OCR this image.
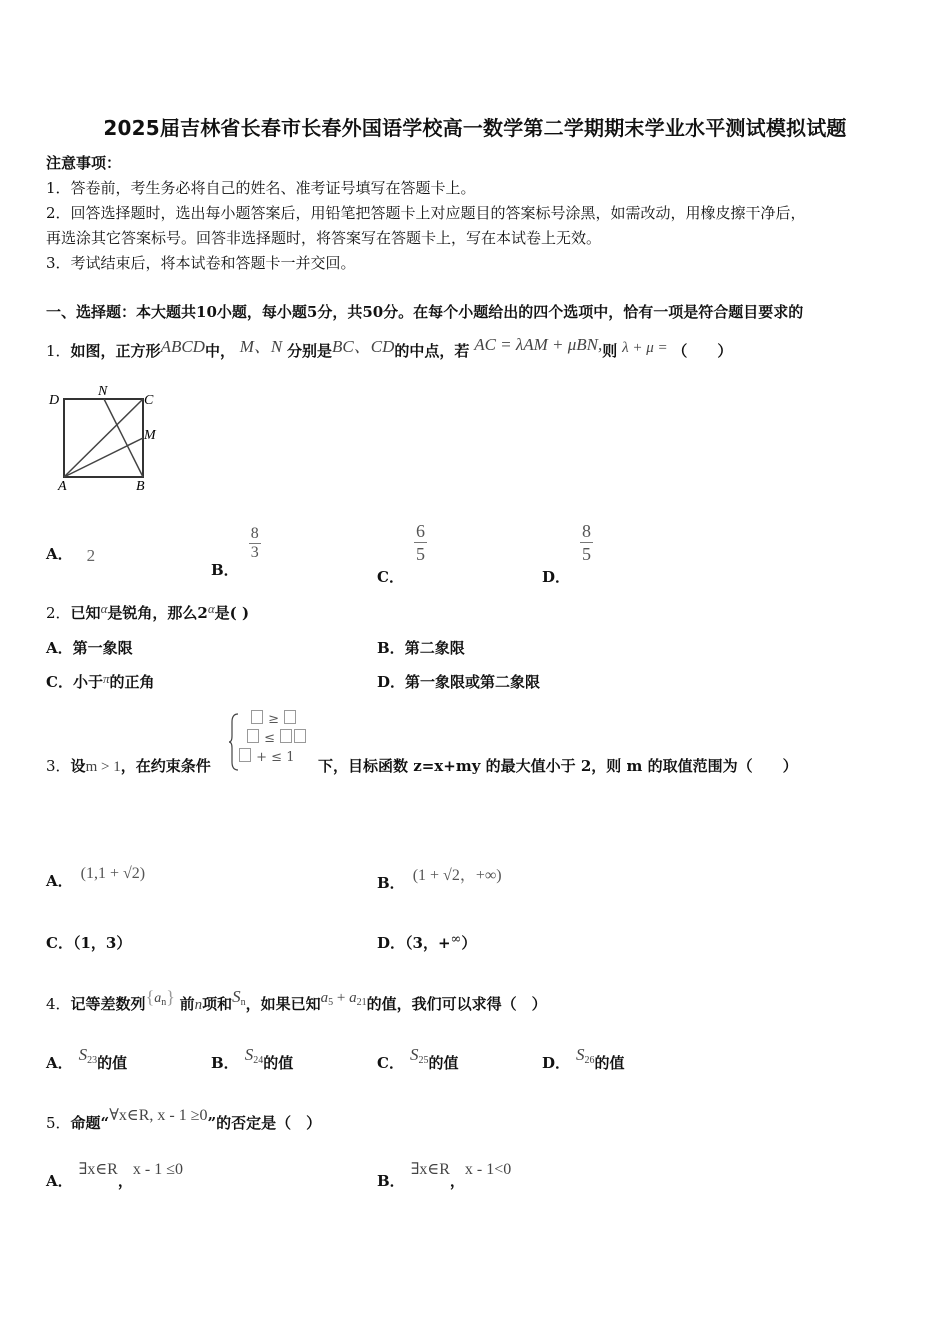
2025届吉林省长春市长春外国语学校高一数学第二学期期末学业水平测试模拟试题
注意事项：
1．答卷前，考生务必将自己的姓名、准考证号填写在答题卡上。
2．回答选择题时，选出每小题答案后，用铅笔把答题卡上对应题目的答案标号涂黑，如需改动，用橡皮擦干净后，
再选涂其它答案标号。回答非选择题时，将答案写在答题卡上，写在本试卷上无效。
3．考试结束后，将本试卷和答题卡一并交回。
一、选择题：本大题共10小题，每小题5分，共50分。在每个小题给出的四个选项中，恰有一项是符合题目要求的
1．如图，正方形ABCD中， M、N 分别是BC、CD的中点，若 AC = λAM + μBN,则 λ + μ = （　　）
D
N
C
M
A	B
A． 2
B．
$\frac{8}{3}$
C．
$\frac{6}{5}$
D．
$\frac{8}{5}$
2．已知α是锐角，那么2α是( )
A．第一象限	B．第二象限
C．小于π的正角	D．第一象限或第二象限
3．设m > 1，在约束条件
≥
≤
+ ≤ 1 下，目标函数 z=x+my 的最大值小于 2，则 m 的取值范围为（　　）
A． (1,1 + √2)
B． (1 + √2，+∞)
C．（1，3）	D．（3，+∞）
4．记等差数列$\{a_n\}$ 前n项和$S_n$，如果已知$a_5 + a_{21}$的值，我们可以求得（　）
A． $S_{23}$的值	B． $S_{24}$的值	C． $S_{25}$的值	D． $S_{26}$的值
5．命题“∀x∈R, x - 1 ≥0”的否定是（　）
A．∃x∈R，x - 1 ≤0
B．∃x∈R，x - 1<0
